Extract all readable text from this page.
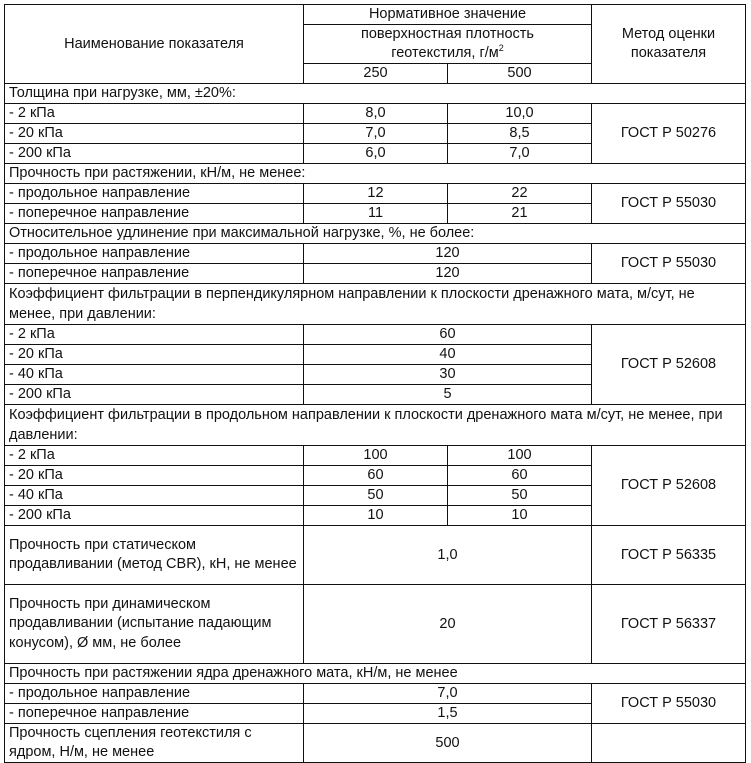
Наименование показателя	Нормативное значение		Метод оценки
показателя
	поверхностная плотность
геотекстиля, $г/м^2$
	250	500	
Толщина при нагрузке, мм, ±20%:			
- 2 кПа	8,0	10,0	ГОСТ Р 50276
- 20 кПа	7,0	8,5	
- 200 кПа	6,0	7,0	
Прочность при растяжении, кН/м, не менее:			
- продольное направление	12	22	ГОСТ Р 55030
- поперечное направление	11	21	
Относительное удлинение при максимальной нагрузке, %, не более:			
- продольное направление	120		ГОСТ Р 55030
- поперечное направление	120		
Коэффициент фильтрации в перпендикулярном направлении к плоскости дренажного мата, м/сут, не менее, при давлении:			
- 2 кПа	60		ГОСТ Р 52608
- 20 кПа	40		
- 40 кПа	30		
- 200 кПа	5		
Коэффициент фильтрации в продольном направлении к плоскости дренажного мата м/сут, не менее, при давлении:			
- 2 кПа	100	100	ГОСТ Р 52608
- 20 кПа	60	60	
- 40 кПа	50	50	
- 200 кПа	10	10	
Прочность при статическом продавливании (метод CBR), кН, не менее	1,0		ГОСТ Р 56335
Прочность при динамическом продавливании (испытание падающим конусом), Ø мм, не более	20		ГОСТ Р 56337
Прочность при растяжении ядра дренажного мата, кН/м, не менее			
- продольное направление	7,0		ГОСТ Р 55030
- поперечное направление	1,5		
Прочность сцепления геотекстиля с ядром, Н/м, не менее	500		
